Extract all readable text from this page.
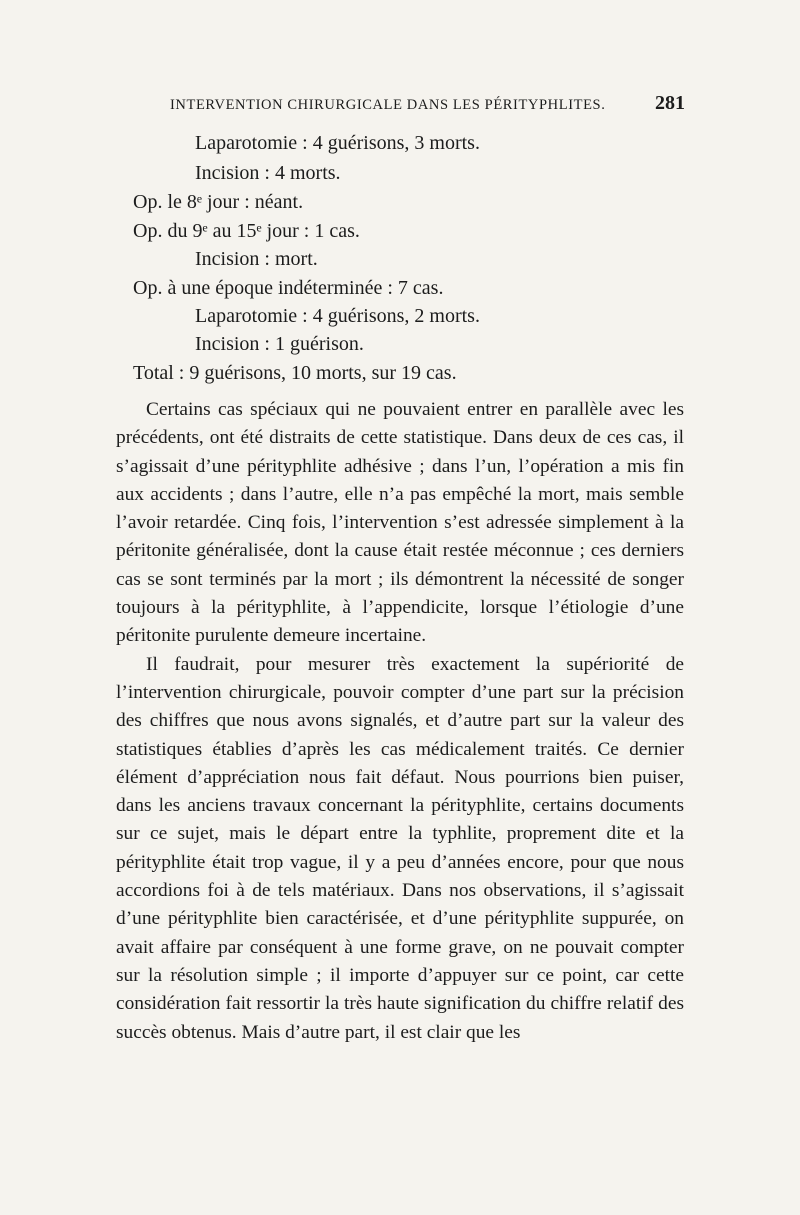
INTERVENTION CHIRURGICALE DANS LES PÉRITYPHLITES. 281
Laparotomie : 4 guérisons, 3 morts.
Incision : 4 morts.
Op. le 8ᵉ jour : néant.
Op. du 9ᵉ au 15ᵉ jour : 1 cas.
Incision : mort.
Op. à une époque indéterminée : 7 cas.
Laparotomie : 4 guérisons, 2 morts.
Incision : 1 guérison.
Total : 9 guérisons, 10 morts, sur 19 cas.

Certains cas spéciaux qui ne pouvaient entrer en parallèle avec les précédents, ont été distraits de cette statistique. Dans deux de ces cas, il s’agissait d’une pérityphlite adhésive ; dans l’un, l’opération a mis fin aux accidents ; dans l’autre, elle n’a pas empêché la mort, mais semble l’avoir retardée. Cinq fois, l’intervention s’est adressée simplement à la péritonite généralisée, dont la cause était restée méconnue ; ces derniers cas se sont terminés par la mort ; ils démontrent la nécessité de songer toujours à la pérityphlite, à l’appendicite, lorsque l’étiologie d’une péritonite purulente demeure incertaine.

Il faudrait, pour mesurer très exactement la supériorité de l’intervention chirurgicale, pouvoir compter d’une part sur la précision des chiffres que nous avons signalés, et d’autre part sur la valeur des statistiques établies d’après les cas médicalement traités. Ce dernier élément d’appréciation nous fait défaut. Nous pourrions bien puiser, dans les anciens travaux concernant la pérityphlite, certains documents sur ce sujet, mais le départ entre la typhlite, proprement dite et la pérityphlite était trop vague, il y a peu d’années encore, pour que nous accordions foi à de tels matériaux. Dans nos observations, il s’agissait d’une pérityphlite bien caractérisée, et d’une pérityphlite suppurée, on avait affaire par conséquent à une forme grave, on ne pouvait compter sur la résolution simple ; il importe d’appuyer sur ce point, car cette considération fait ressortir la très haute signification du chiffre relatif des succès obtenus. Mais d’autre part, il est clair que les
